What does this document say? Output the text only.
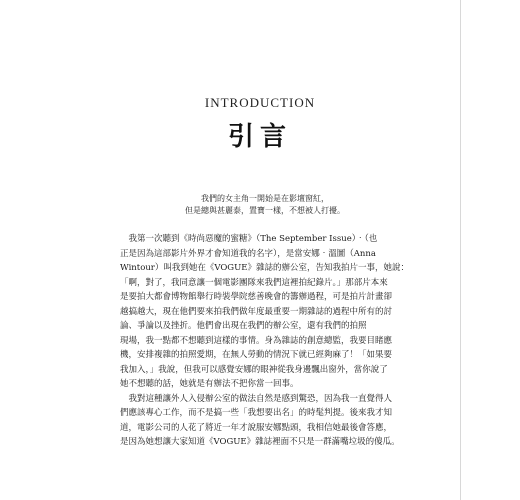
INTRODUCTION
引言
我們的女主角一開始是在影壇窗紅，
但是總與甚麗泰，置寶一樣，不想被人打擾。
　我第一次聽到《時尚惡魔的蜜糖》（The September Issue）‧（也
正是因為這部影片外界才會知道我的名字），是當安娜‧溫圖（Anna
Wintour）叫我到她在《VOGUE》雜誌的辦公室，告知我拍片一事，她說：
「啊，對了，我同意讓一個電影團隊來我們這裡拍紀錄片。」那部片本來
是要拍大都會博物館舉行時裝學院慈善晚會的籌辦過程，可是拍片計畫卻
越搞越大，現在他們要來拍我們做年度最重要一期雜誌的過程中所有的討
論、爭論以及挫折。他們會出現在我們的辦公室，還有我們的拍照
現場，我一點都不想聽到這樣的事情。身為雜誌的創意總監，我要目睹應
機，安排複雜的拍照愛期，在無人勞動的情況下就已經夠麻了！「如果要
我加入，」我說，但我可以感覺安娜的眼神從我身邊飄出窗外，當你說了
她不想聽的話，她就是有辦法不把你當一回事。
　我對這種讓外人入侵辦公室的做法自然是感到驚恐，因為我一直覺得人
們應該專心工作，而不是搞一些「我想要出名」的時髦判提。後來我才知
道，電影公司的人花了將近一年才說服安娜點頭，我相信她最後會答應，
是因為她想讓大家知道《VOGUE》雜誌裡面不只是一群滿嘴垃圾的傻瓜。
